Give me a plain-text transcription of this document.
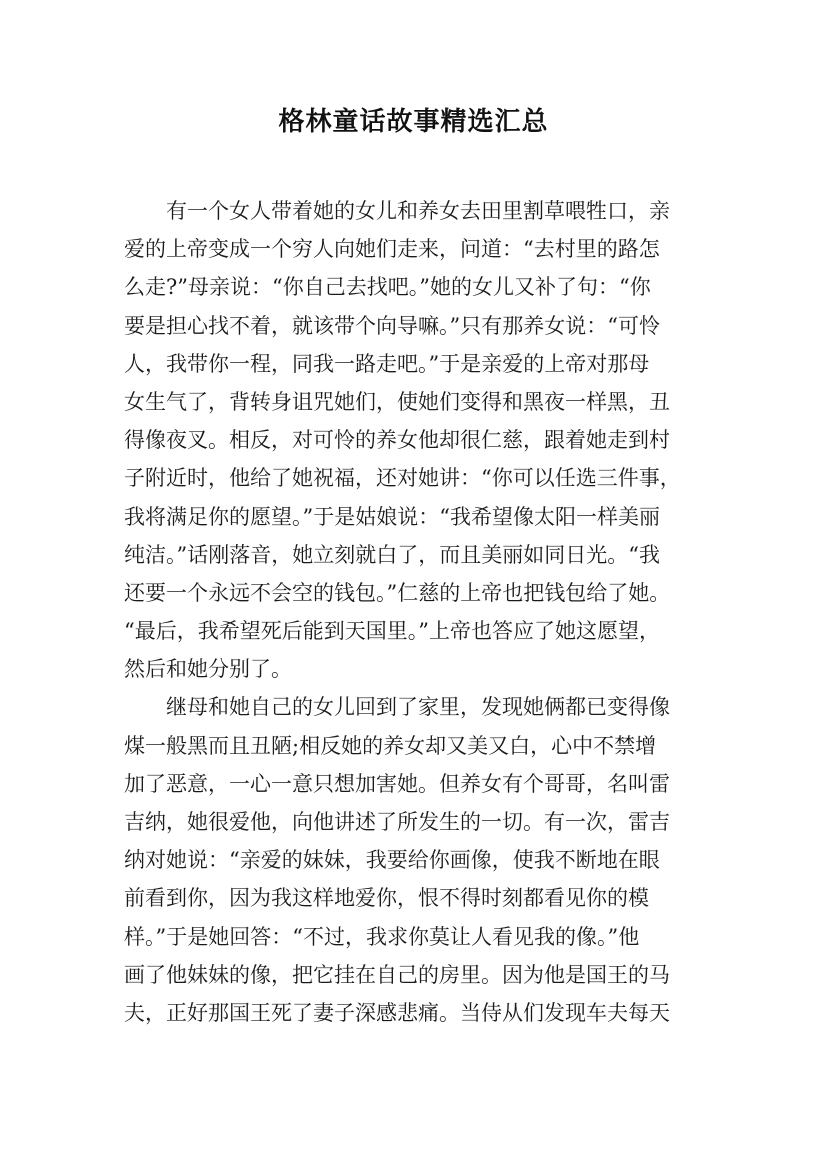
格林童话故事精选汇总
有一个女人带着她的女儿和养女去田里割草喂牲口，亲
爱的上帝变成一个穷人向她们走来，问道：“去村里的路怎
么走?”母亲说：“你自己去找吧。”她的女儿又补了句：“你
要是担心找不着，就该带个向导嘛。”只有那养女说：“可怜
人，我带你一程，同我一路走吧。”于是亲爱的上帝对那母
女生气了，背转身诅咒她们，使她们变得和黑夜一样黑，丑
得像夜叉。相反，对可怜的养女他却很仁慈，跟着她走到村
子附近时，他给了她祝福，还对她讲：“你可以任选三件事，
我将满足你的愿望。”于是姑娘说：“我希望像太阳一样美丽
纯洁。”话刚落音，她立刻就白了，而且美丽如同日光。“我
还要一个永远不会空的钱包。”仁慈的上帝也把钱包给了她。
“最后，我希望死后能到天国里。”上帝也答应了她这愿望，
然后和她分别了。
继母和她自己的女儿回到了家里，发现她俩都已变得像
煤一般黑而且丑陋;相反她的养女却又美又白，心中不禁增
加了恶意，一心一意只想加害她。但养女有个哥哥，名叫雷
吉纳，她很爱他，向他讲述了所发生的一切。有一次，雷吉
纳对她说：“亲爱的妹妹，我要给你画像，使我不断地在眼
前看到你，因为我这样地爱你，恨不得时刻都看见你的模
样。”于是她回答：“不过，我求你莫让人看见我的像。”他
画了他妹妹的像，把它挂在自己的房里。因为他是国王的马
夫，正好那国王死了妻子深感悲痛。当侍从们发现车夫每天
